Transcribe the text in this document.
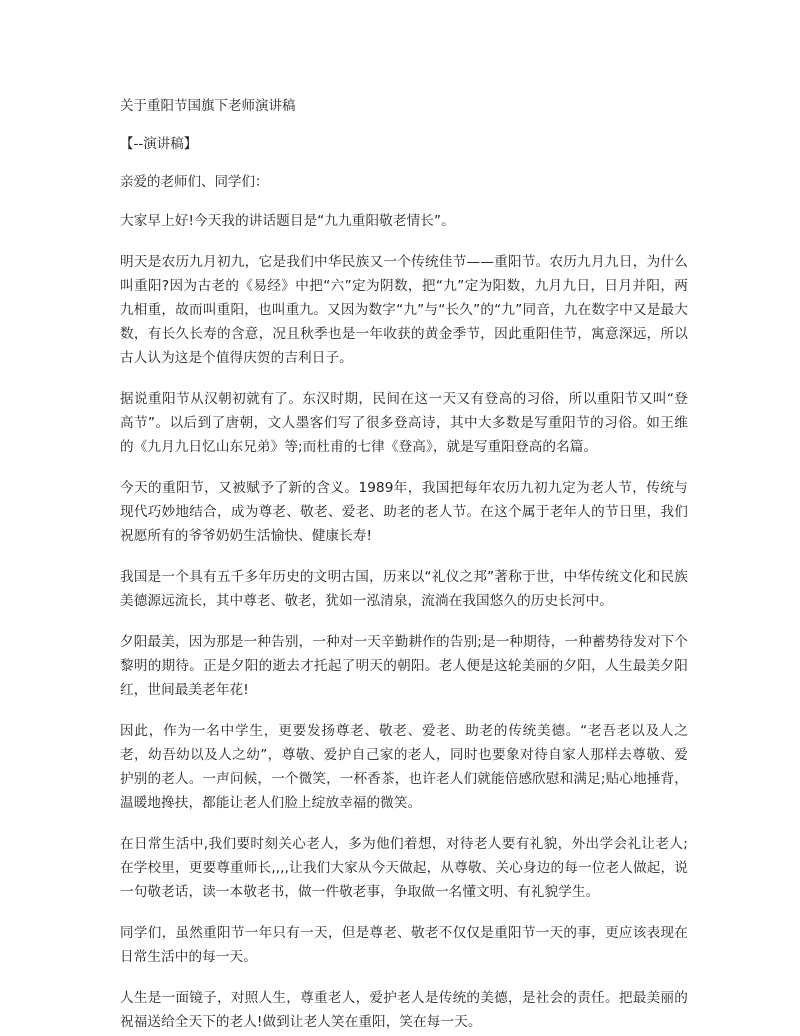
关于重阳节国旗下老师演讲稿
【--演讲稿】
亲爱的老师们、同学们：

大家早上好!今天我的讲话题目是“九九重阳敬老情长”。

明天是农历九月初九，它是我们中华民族又一个传统佳节——重阳节。农历九月九日，为什么叫重阳?因为古老的《易经》中把“六”定为阴数，把“九”定为阳数，九月九日，日月并阳，两九相重，故而叫重阳，也叫重九。又因为数字“九”与“长久”的“九”同音，九在数字中又是最大数，有长久长寿的含意，况且秋季也是一年收获的黄金季节，因此重阳佳节，寓意深远，所以古人认为这是个值得庆贺的吉利日子。

据说重阳节从汉朝初就有了。东汉时期，民间在这一天又有登高的习俗，所以重阳节又叫“登高节”。以后到了唐朝，文人墨客们写了很多登高诗，其中大多数是写重阳节的习俗。如王维的《九月九日忆山东兄弟》等;而杜甫的七律《登高》，就是写重阳登高的名篇。

今天的重阳节，又被赋予了新的含义。1989年，我国把每年农历九初九定为老人节，传统与现代巧妙地结合，成为尊老、敬老、爱老、助老的老人节。在这个属于老年人的节日里，我们祝愿所有的爷爷奶奶生活愉快、健康长寿!

我国是一个具有五千多年历史的文明古国，历来以“礼仪之邦”著称于世，中华传统文化和民族美德源远流长，其中尊老、敬老，犹如一泓清泉，流淌在我国悠久的历史长河中。

夕阳最美，因为那是一种告别，一种对一天辛勤耕作的告别;是一种期待，一种蓄势待发对下个黎明的期待。正是夕阳的逝去才托起了明天的朝阳。老人便是这轮美丽的夕阳，人生最美夕阳红，世间最美老年花!

因此，作为一名中学生，更要发扬尊老、敬老、爱老、助老的传统美德。“老吾老以及人之老，幼吾幼以及人之幼”，尊敬、爱护自己家的老人，同时也要象对待自家人那样去尊敬、爱护别的老人。一声问候，一个微笑，一杯香茶，也许老人们就能倍感欣慰和满足;贴心地捶背，温暖地搀扶，都能让老人们脸上绽放幸福的微笑。

在日常生活中,我们要时刻关心老人，多为他们着想，对待老人要有礼貌，外出学会礼让老人;在学校里，更要尊重师长,,,,让我们大家从今天做起，从尊敬、关心身边的每一位老人做起，说一句敬老话，读一本敬老书，做一件敬老事，争取做一名懂文明、有礼貌学生。

同学们，虽然重阳节一年只有一天，但是尊老、敬老不仅仅是重阳节一天的事，更应该表现在日常生活中的每一天。

人生是一面镜子，对照人生，尊重老人，爱护老人是传统的美德，是社会的责任。把最美丽的祝福送给全天下的老人!做到让老人笑在重阳，笑在每一天。
